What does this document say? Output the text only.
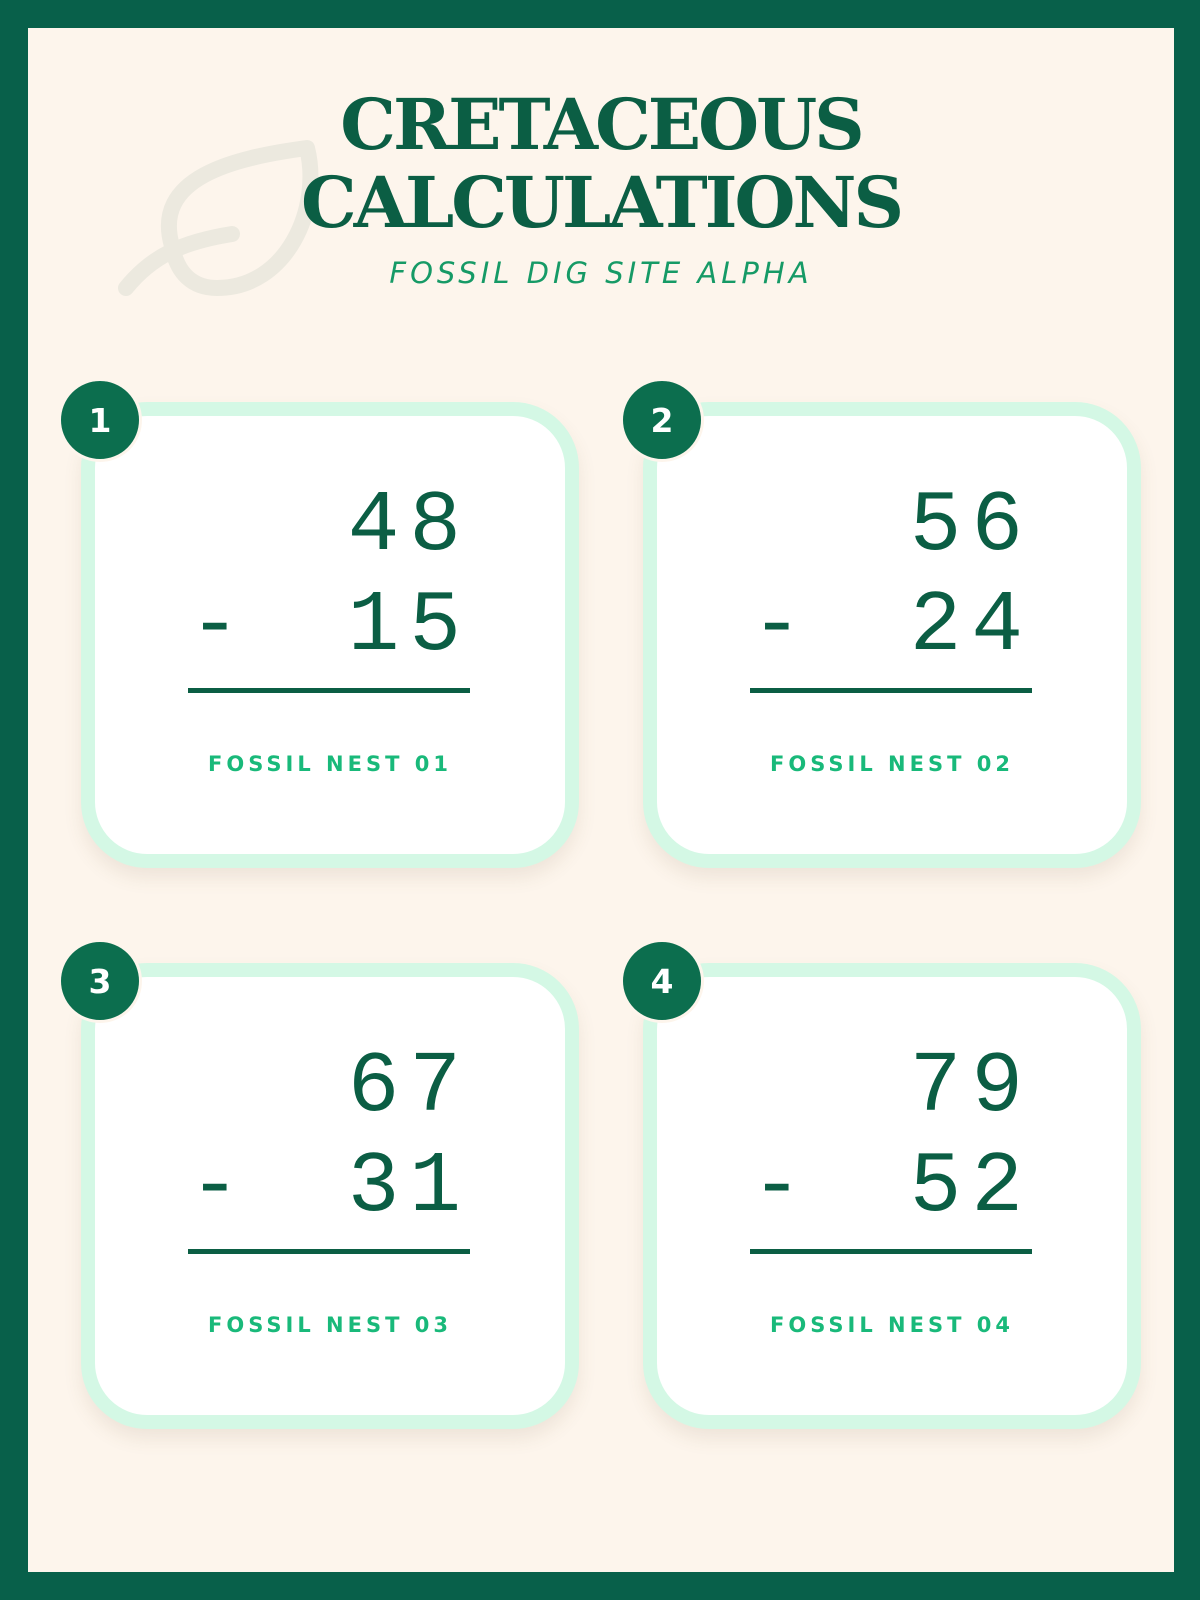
CRETACEOUS
CALCULATIONS
FOSSIL DIG SITE ALPHA
48
- 15
FOSSIL NEST 01
1
56
- 24
FOSSIL NEST 02
2
67
- 31
FOSSIL NEST 03
3
79
- 52
FOSSIL NEST 04
4
